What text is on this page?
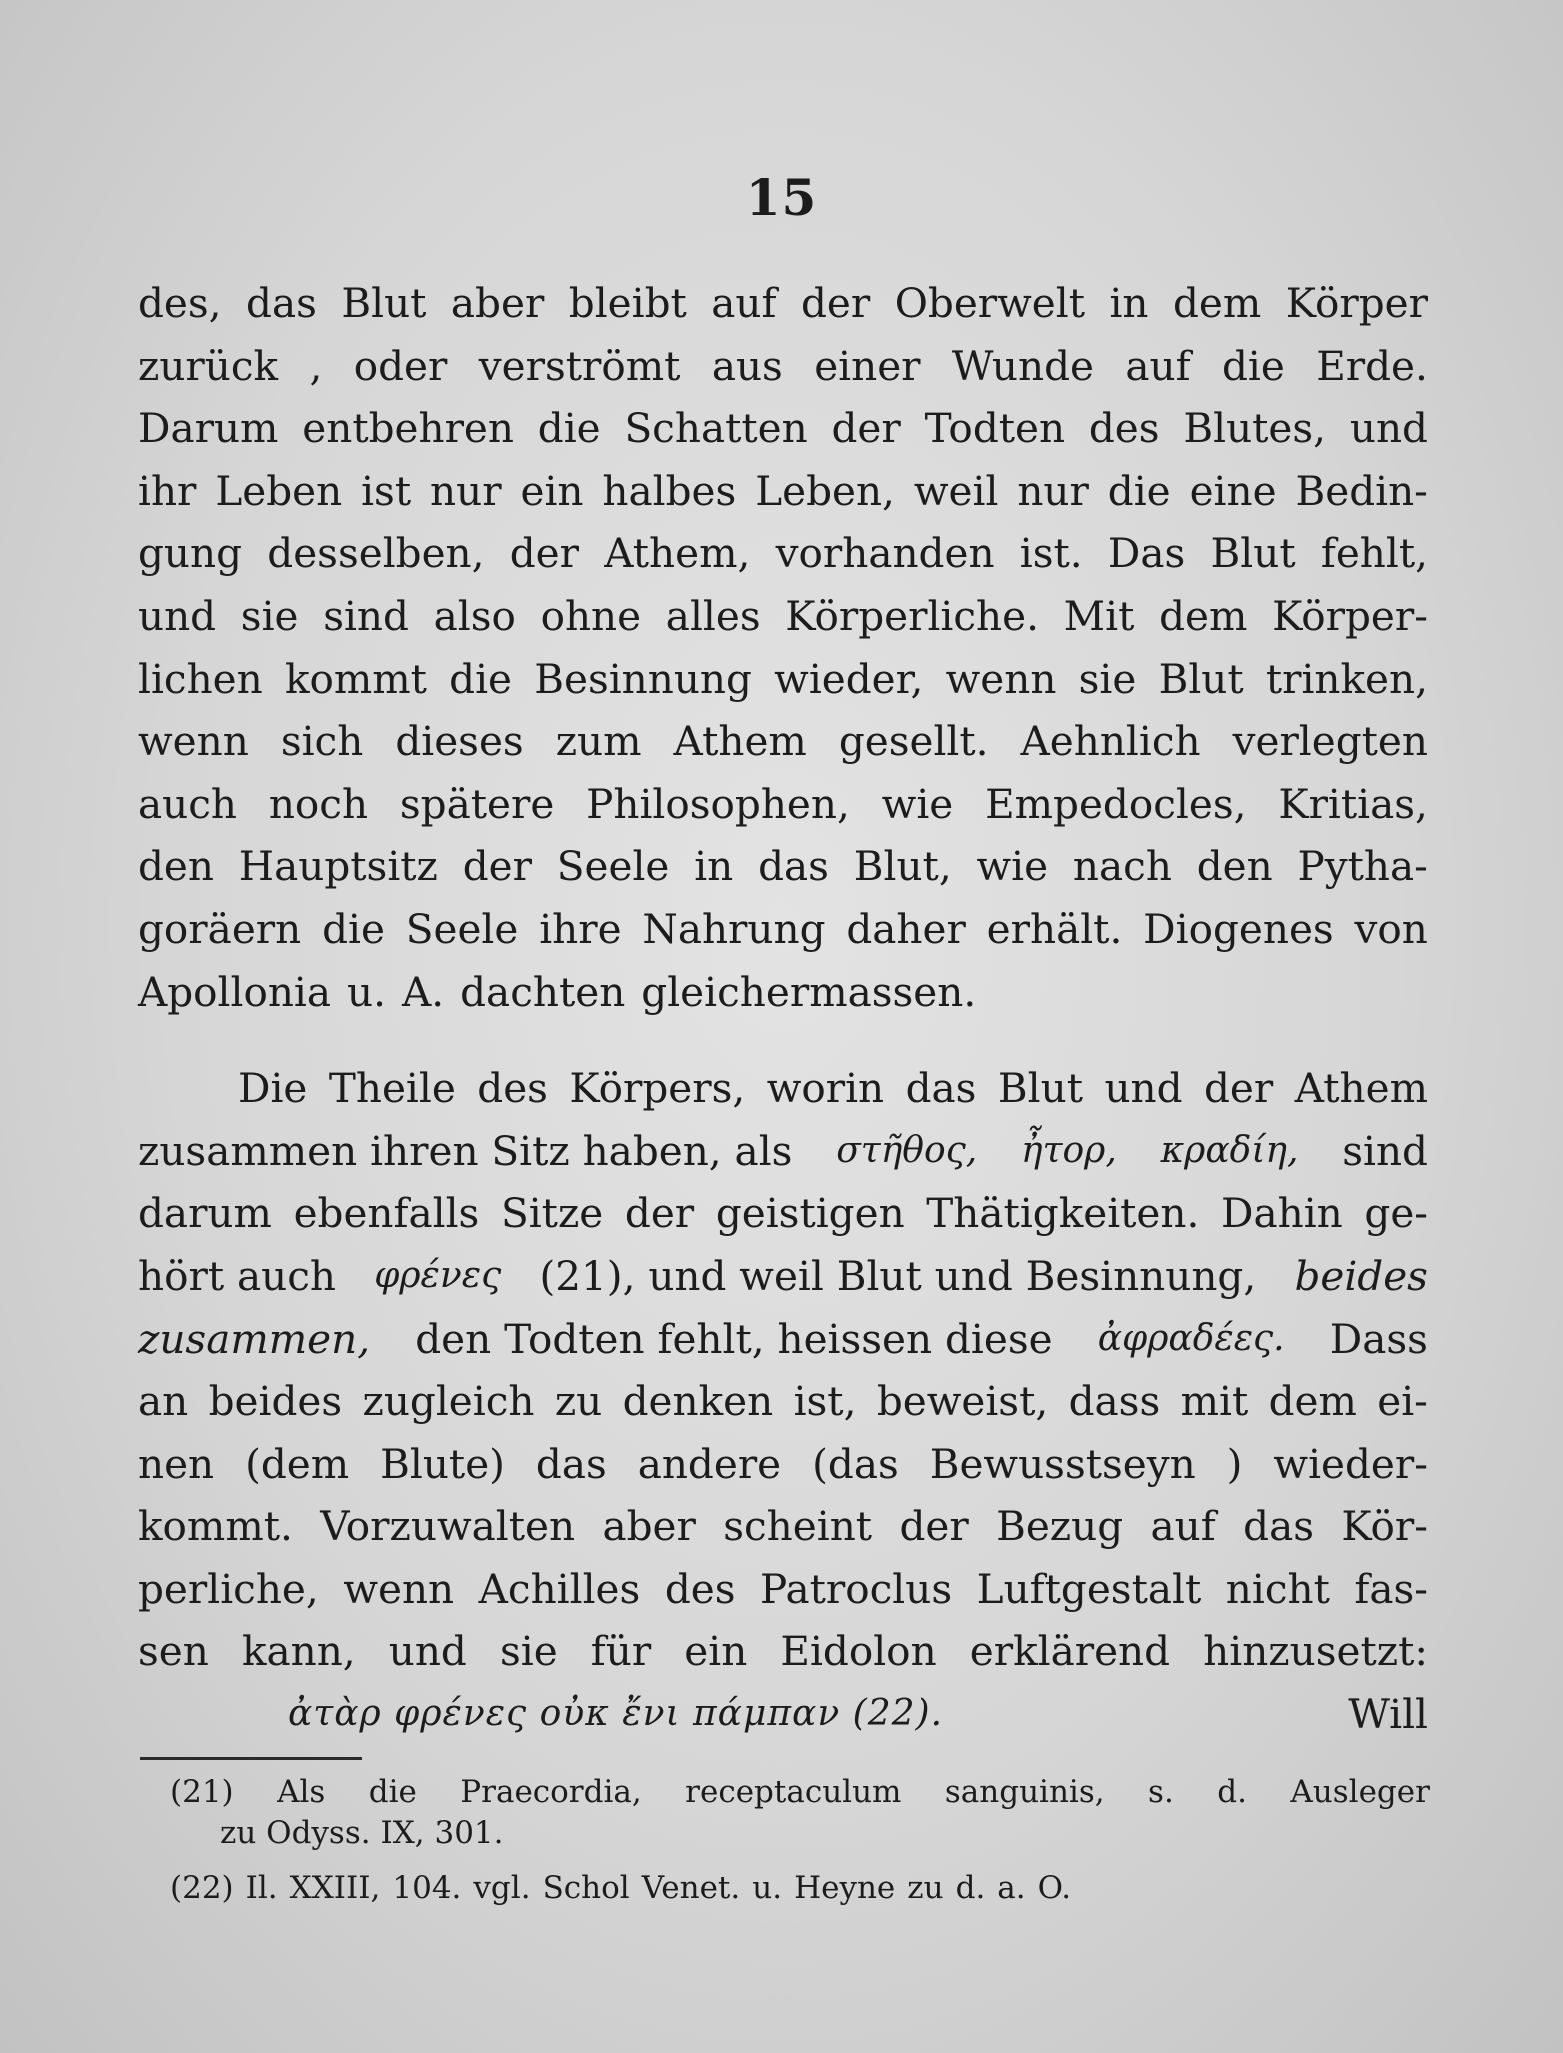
15
des, das Blut aber bleibt auf der Oberwelt in dem Körper
zurück , oder verströmt aus einer Wunde auf die Erde.
Darum entbehren die Schatten der Todten des Blutes, und
ihr Leben ist nur ein halbes Leben, weil nur die eine Bedin-
gung desselben, der Athem, vorhanden ist. Das Blut fehlt,
und sie sind also ohne alles Körperliche. Mit dem Körper-
lichen kommt die Besinnung wieder, wenn sie Blut trinken,
wenn sich dieses zum Athem gesellt. Aehnlich verlegten
auch noch spätere Philosophen, wie Empedocles, Kritias,
den Hauptsitz der Seele in das Blut, wie nach den Pytha-
goräern die Seele ihre Nahrung daher erhält. Diogenes von
Apollonia u. A. dachten gleichermassen.
Die Theile des Körpers, worin das Blut und der Athem
zusammen ihren Sitz haben, als στῆθος, ἦτορ, κραδίη, sind
darum ebenfalls Sitze der geistigen Thätigkeiten. Dahin ge-
hört auch φρένες (21), und weil Blut und Besinnung, beides
zusammen, den Todten fehlt, heissen diese ἀφραδέες. Dass
an beides zugleich zu denken ist, beweist, dass mit dem ei-
nen (dem Blute) das andere (das Bewusstseyn ) wieder-
kommt. Vorzuwalten aber scheint der Bezug auf das Kör-
perliche, wenn Achilles des Patroclus Luftgestalt nicht fas-
sen kann, und sie für ein Eidolon erklärend hinzusetzt:
ἀτὰρ φρένες οὐκ ἔνι πάμπαν (22).	Will
(21) Als die Praecordia, receptaculum sanguinis, s. d. Ausleger
zu Odyss. IX, 301.
(22) Il. XXIII, 104. vgl. Schol Venet. u. Heyne zu d. a. O.
